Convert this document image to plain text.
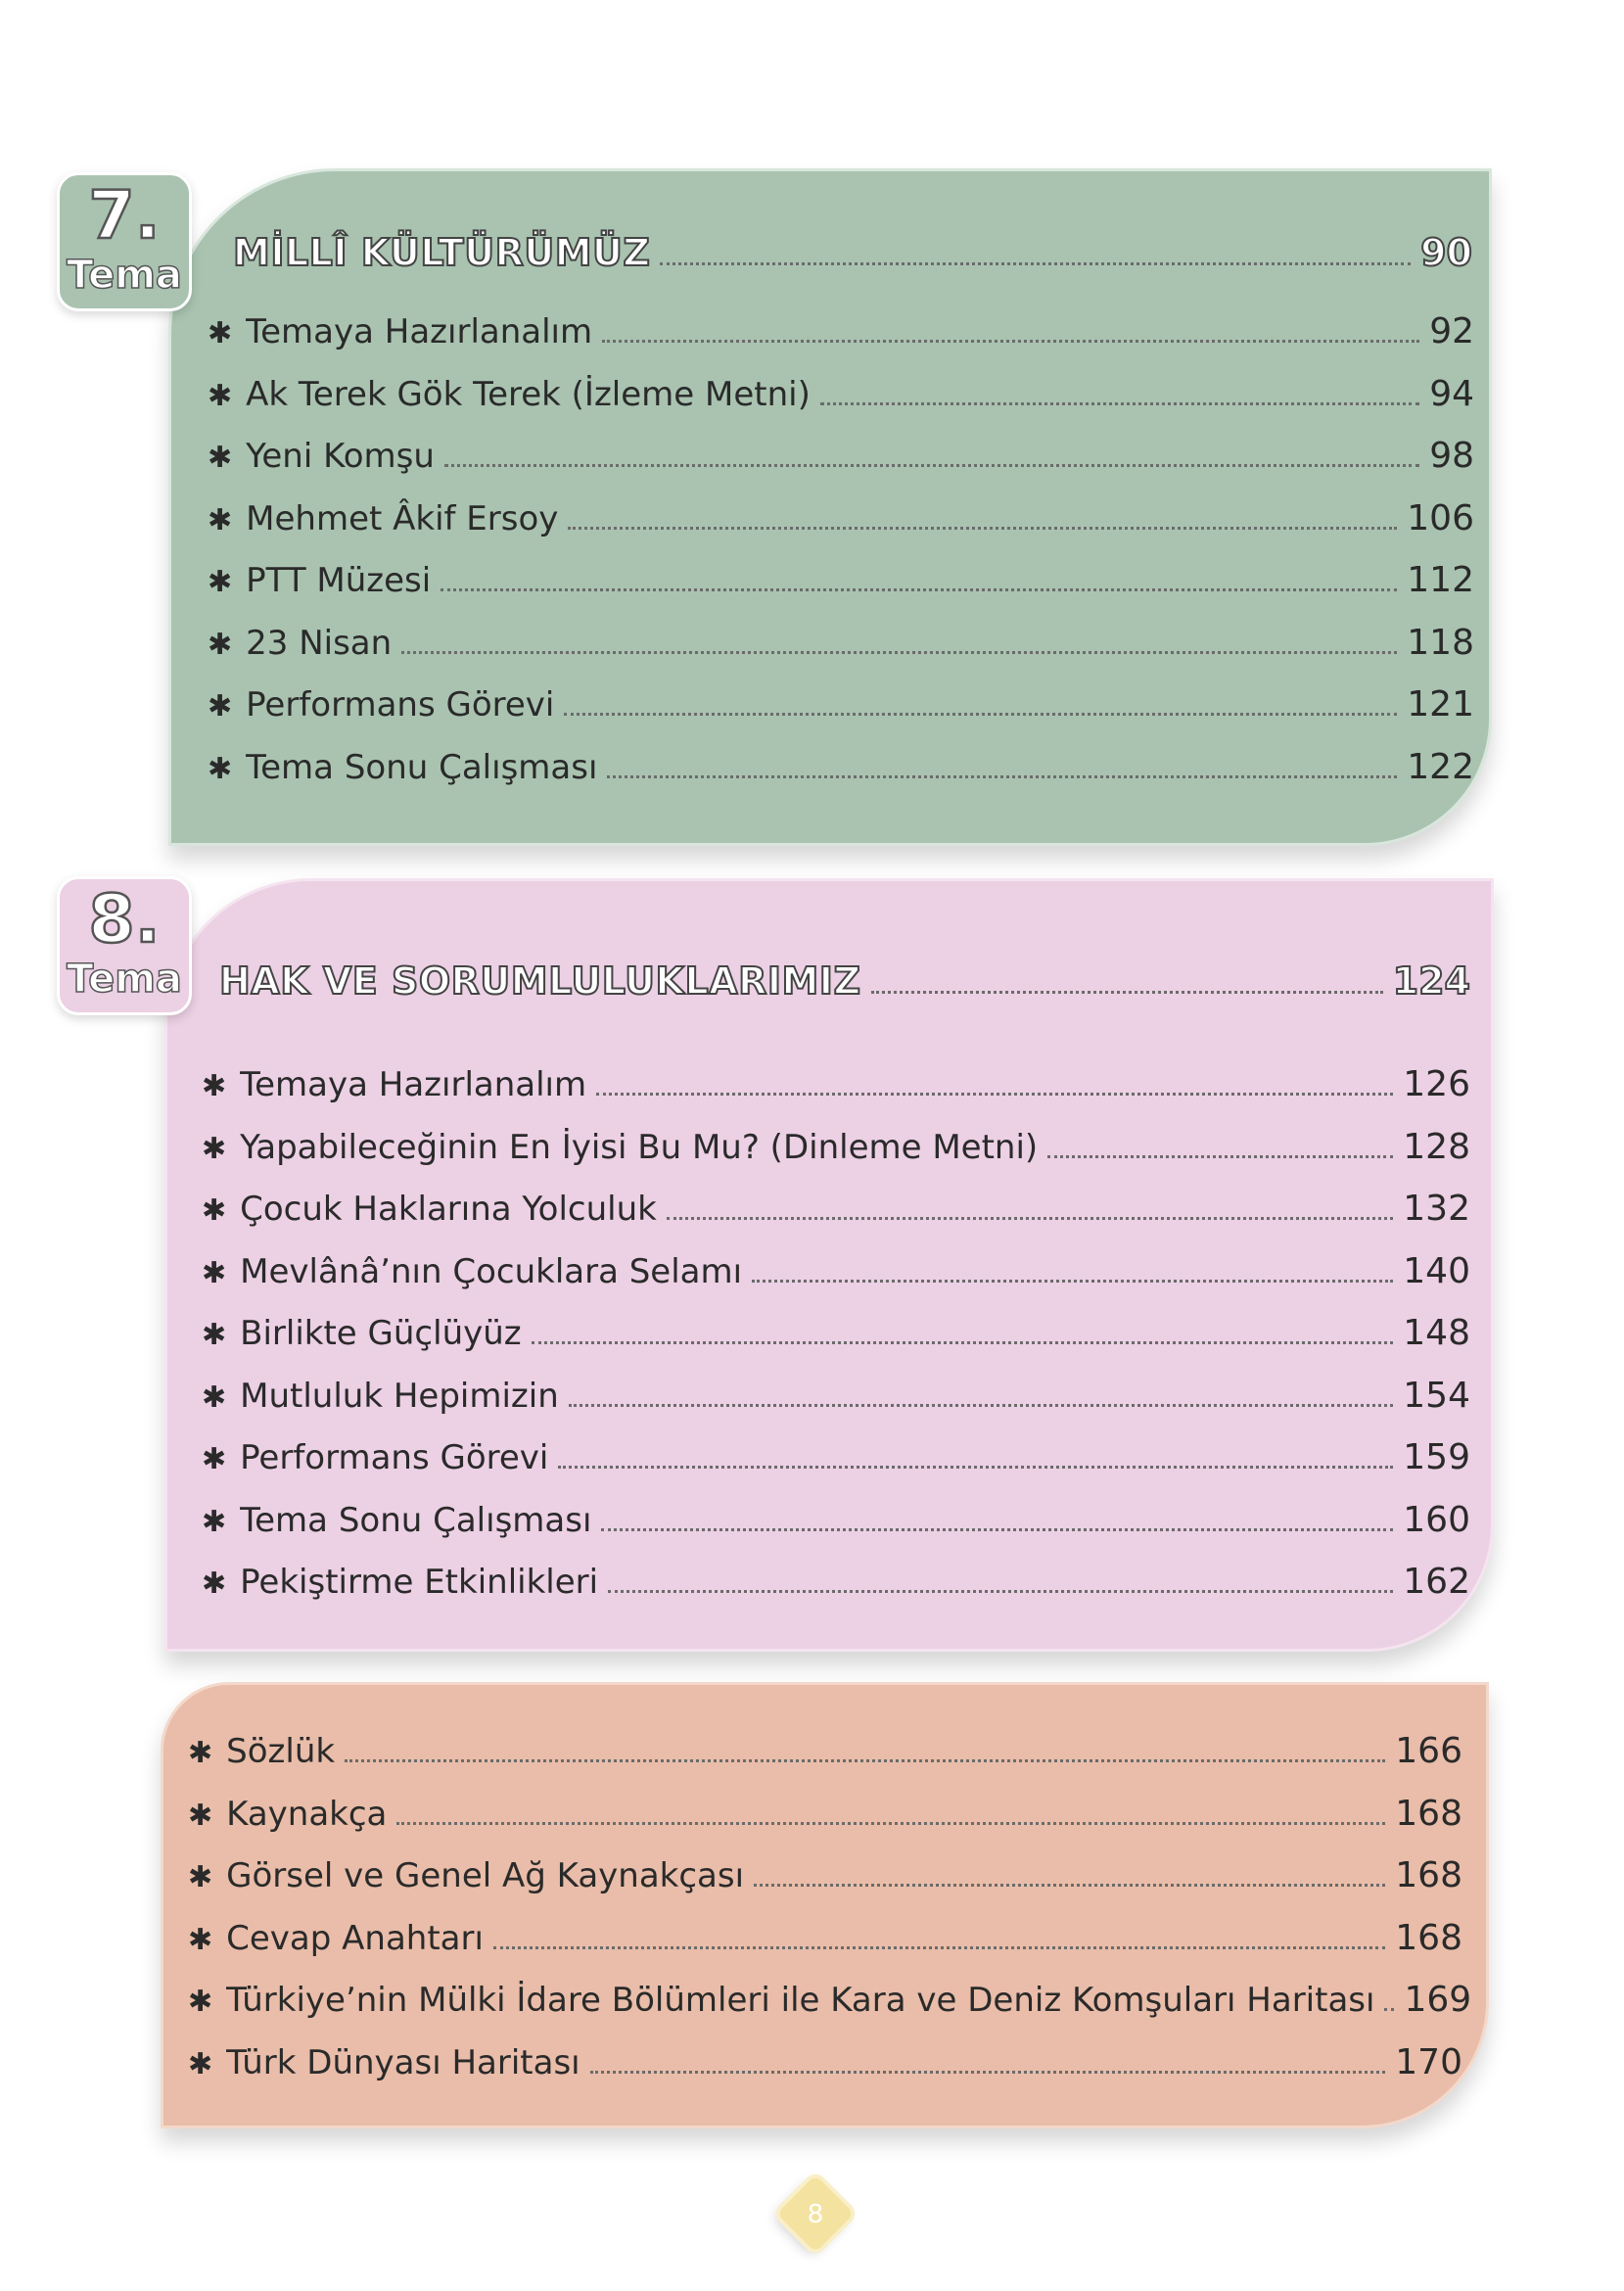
7.
Tema MİLLÎ KÜLTÜRÜMÜZ	90
✱ Temaya Hazırlanalım	92
✱ Ak Terek Gök Terek (İzleme Metni)	94
✱ Yeni Komşu	98
✱ Mehmet Âkif Ersoy	106
✱ PTT Müzesi	112
✱ 23 Nisan	118
✱ Performans Görevi	121
✱ Tema Sonu Çalışması	122
8.
Tema HAK VE SORUMLULUKLARIMIZ	124
✱ Temaya Hazırlanalım	126
✱ Yapabileceğinin En İyisi Bu Mu? (Dinleme Metni)	128
✱ Çocuk Haklarına Yolculuk	132
✱ Mevlânâ’nın Çocuklara Selamı	140
✱ Birlikte Güçlüyüz	148
✱ Mutluluk Hepimizin	154
✱ Performans Görevi	159
✱ Tema Sonu Çalışması	160
✱ Pekiştirme Etkinlikleri	162
✱ Sözlük	166
✱ Kaynakça	168
✱ Görsel ve Genel Ağ Kaynakçası	168
✱ Cevap Anahtarı	168
✱ Türkiye’nin Mülki İdare Bölümleri ile Kara ve Deniz Komşuları Haritası 169
✱ Türk Dünyası Haritası	170
8
